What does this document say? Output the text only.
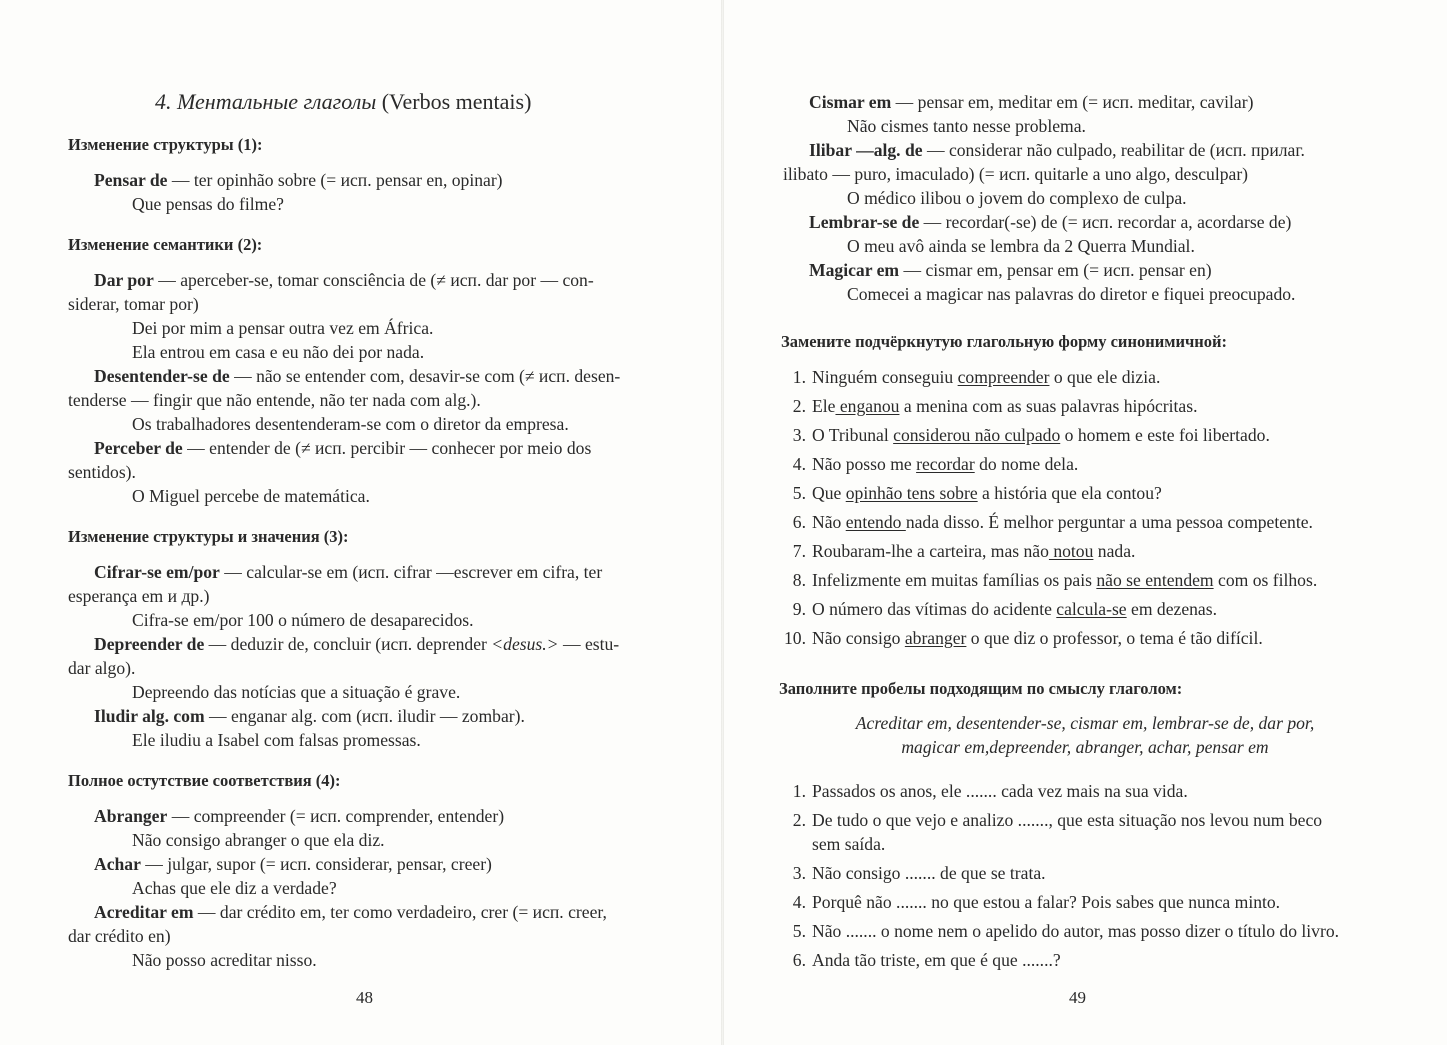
4. Ментальные глаголы (Verbos mentais)
Изменение структуры (1):
Pensar de — ter opinhão sobre (= исп. pensar en, opinar)
Que pensas do filme?
Изменение семантики (2):
Dar por — aperceber-se, tomar consciência de (≠ исп. dar por — con-
siderar, tomar por)
Dei por mim a pensar outra vez em África.
Ela entrou em casa e eu não dei por nada.
Desentender-se de — não se entender com, desavir-se com (≠ исп. desen-
tenderse — fingir que não entende, não ter nada com alg.).
Os trabalhadores desentenderam-se com o diretor da empresa.
Perceber de — entender de (≠ исп. percibir — conhecer por meio dos
sentidos).
O Miguel percebe de matemática.
Изменение структуры и значения (3):
Cifrar-se em/por — calcular-se em (исп. cifrar —escrever em cifra, ter
esperança em и др.)
Cifra-se em/por 100 o número de desaparecidos.
Depreender de — deduzir de, concluir (исп. deprender <desus.> — estu-
dar algo).
Depreendo das notícias que a situação é grave.
Iludir alg. com — enganar alg. com (исп. iludir — zombar).
Ele iludiu a Isabel com falsas promessas.
Полное остутствие соответствия (4):
Abranger — compreender (= исп. comprender, entender)
Não consigo abranger o que ela diz.
Achar — julgar, supor (= исп. considerar, pensar, creer)
Achas que ele diz a verdade?
Acreditar em — dar crédito em, ter como verdadeiro, crer (= исп. creer,
dar crédito en)
Não posso acreditar nisso.
48
Cismar em — pensar em, meditar em (= исп. meditar, cavilar)
Não cismes tanto nesse problema.
Ilibar —alg. de — considerar não culpado, reabilitar de (исп. прилаг.
ilibato — puro, imaculado) (= исп. quitarle a uno algo, desculpar)
O médico ilibou o jovem do complexo de culpa.
Lembrar-se de — recordar(-se) de (= исп. recordar a, acordarse de)
O meu avô ainda se lembra da 2 Querra Mundial.
Magicar em — cismar em, pensar em (= исп. pensar en)
Comecei a magicar nas palavras do diretor e fiquei preocupado.
Замените подчёркнутую глагольную форму синонимичной:
1. Ninguém conseguiu compreender o que ele dizia.
2. Ele enganou a menina com as suas palavras hipócritas.
3. O Tribunal considerou não culpado o homem e este foi libertado.
4. Não posso me recordar do nome dela.
5. Que opinhão tens sobre a história que ela contou?
6. Não entendo nada disso. É melhor perguntar a uma pessoa competente.
7. Roubaram-lhe a carteira, mas não notou nada.
8. Infelizmente em muitas famílias os pais não se entendem com os filhos.
9. O número das vítimas do acidente calcula-se em dezenas.
10. Não consigo abranger o que diz o professor, o tema é tão difícil.
Заполните пробелы подходящим по смыслу глаголом:
Acreditar em, desentender-se, cismar em, lembrar-se de, dar por,
magicar em,depreender, abranger, achar, pensar em
1. Passados os anos, ele ....... cada vez mais na sua vida.
2. De tudo o que vejo e analizo ......., que esta situação nos levou num beco
sem saída.
3. Não consigo ....... de que se trata.
4. Porquê não ....... no que estou a falar? Pois sabes que nunca minto.
5. Não ....... o nome nem o apelido do autor, mas posso dizer o título do livro.
6. Anda tão triste, em que é que .......?
49
